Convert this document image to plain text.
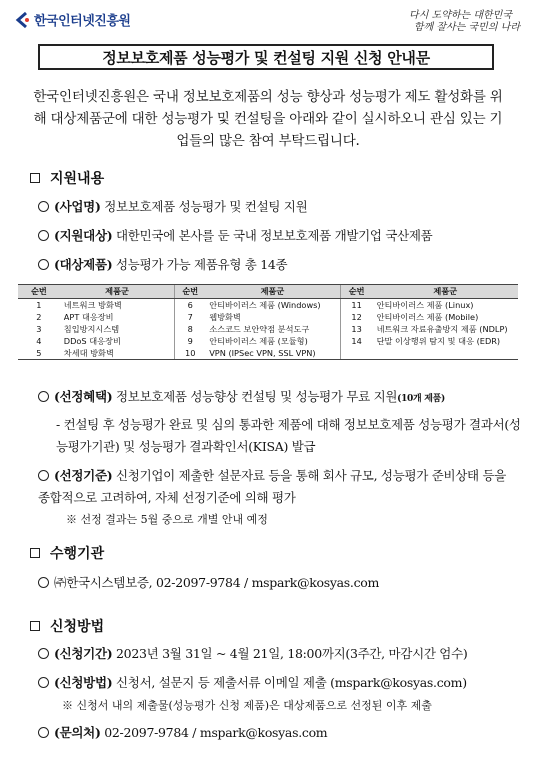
한국인터넷진흥원	다시 도약하는 대한민국
함께 잘사는 국민의 나라
정보보호제품 성능평가 및 컨설팅 지원 신청 안내문
한국인터넷진흥원은 국내 정보보호제품의 성능 향상과 성능평가 제도 활성화를 위해 대상제품군에 대한 성능평가 및 컨설팅을 아래와 같이 실시하오니 관심 있는 기업들의 많은 참여 부탁드립니다.
지원내용
(사업명) 정보보호제품 성능평가 및 컨설팅 지원
(지원대상) 대한민국에 본사를 둔 국내 정보보호제품 개발기업 국산제품
(대상제품) 성능평가 가능 제품유형 총 14종
순번	제품군	순번	제품군	순번	제품군
1	네트워크 방화벽	6	안티바이러스 제품 (Windows)	11	안티바이러스 제품 (Linux)
2	APT 대응장비	7	웹방화벽	12	안티바이러스 제품 (Mobile)
3	침입방지시스템	8	소스코드 보안약점 분석도구	13	네트워크 자료유출방지 제품 (NDLP)
4	DDoS 대응장비	9	안티바이러스 제품 (모듈형)	14	단말 이상행위 탐지 및 대응 (EDR)
5	차세대 방화벽	10	VPN (IPSec VPN, SSL VPN)		
(선정혜택) 정보보호제품 성능향상 컨설팅 및 성능평가 무료 지원(10개 제품)
- 컨설팅 후 성능평가 완료 및 심의 통과한 제품에 대해 정보보호제품 성능평가 결과서(성능평가기관) 및 성능평가 결과확인서(KISA) 발급
(선정기준) 신청기업이 제출한 설문자료 등을 통해 회사 규모, 성능평가 준비상태 등을 종합적으로 고려하여, 자체 선정기준에 의해 평가
※ 선정 결과는 5월 중으로 개별 안내 예정
수행기관
㈜한국시스템보증, 02-2097-9784 / mspark@kosyas.com
신청방법
(신청기간) 2023년 3월 31일 ~ 4월 21일, 18:00까지(3주간, 마감시간 엄수)
(신청방법) 신청서, 설문지 등 제출서류 이메일 제출 (mspark@kosyas.com)
※ 신청서 내의 제출물(성능평가 신청 제품)은 대상제품으로 선정된 이후 제출
(문의처) 02-2097-9784 / mspark@kosyas.com
